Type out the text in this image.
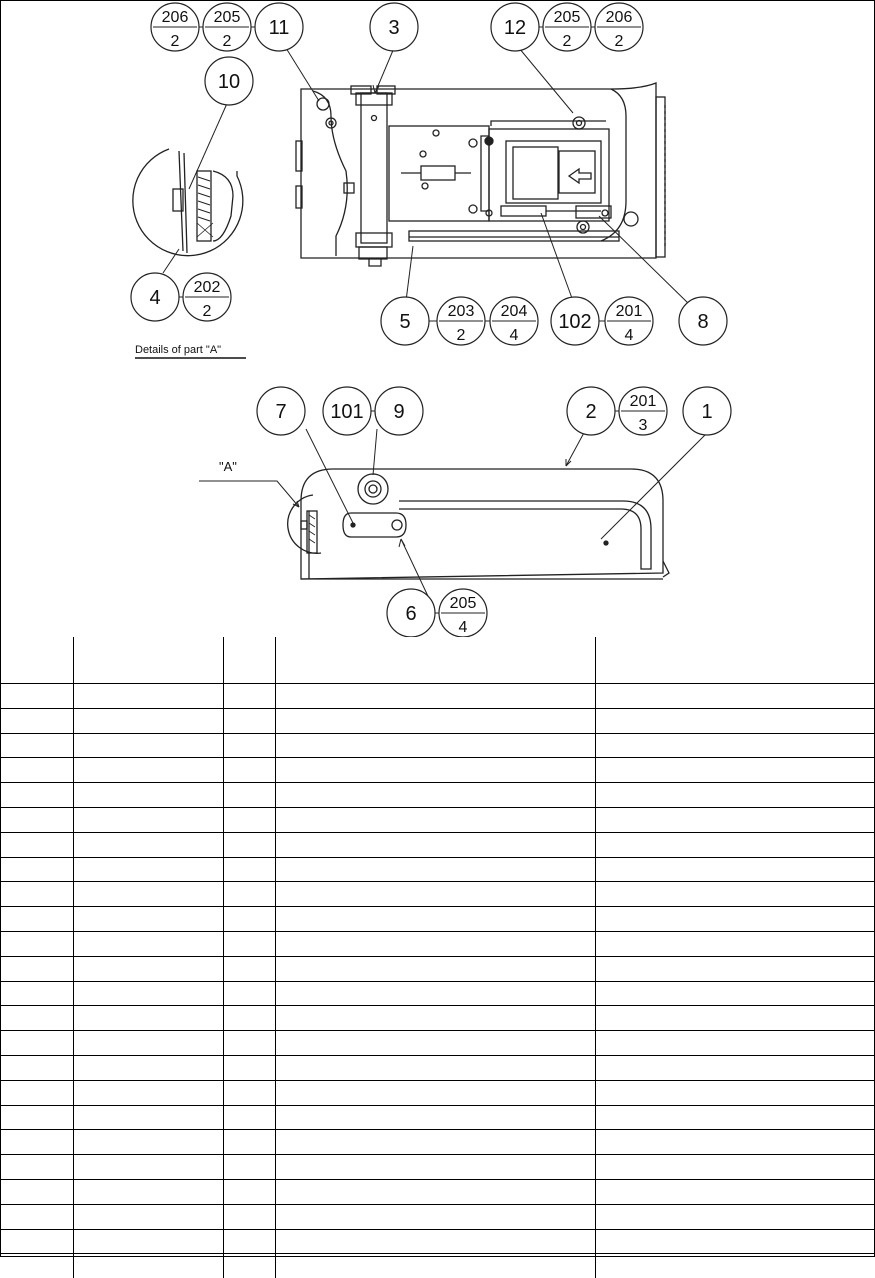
11	3	12
10
4
5	102	8
7 101 9	2	1
6
206
2
205
2
205
2
206
2
202
2	203
2
204
4
201
4
201
3
205
4
Details of part "A"
"A"
